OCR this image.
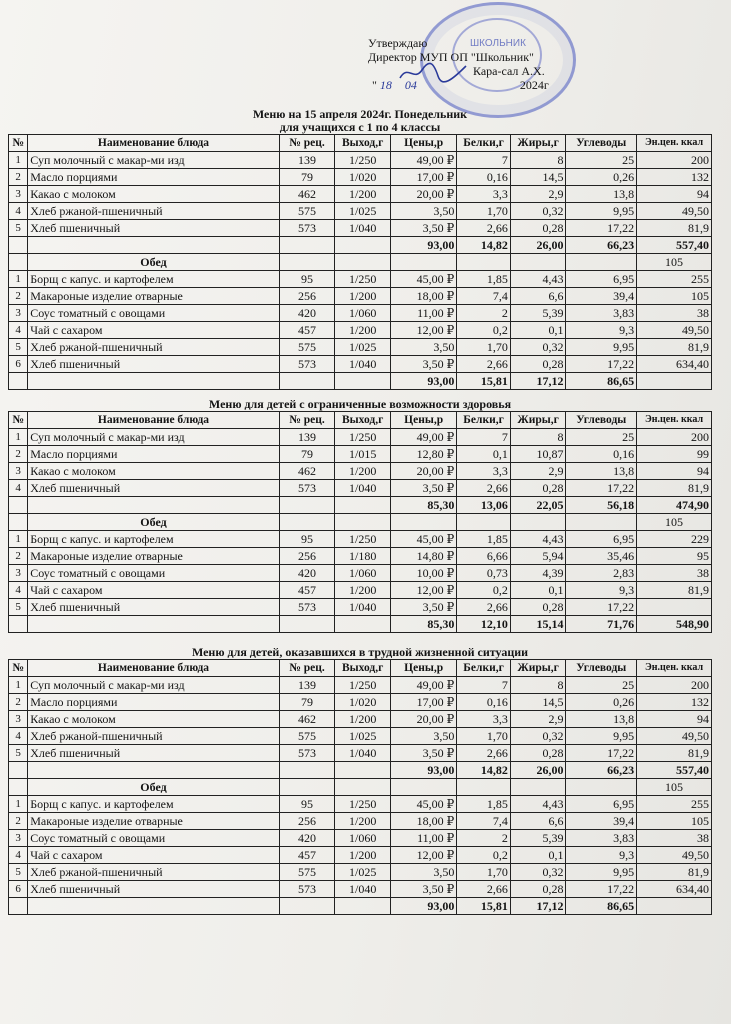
ШКОЛЬНИК
Утверждаю
Директор МУП ОП "Школьник"
Кара-сал А.Х.
" 18 04	2024г
Меню на 15 апреля 2024г. Понедельник
для учащихся с 1 по 4 классы
№	Наименование блюда	№ рец.	Выход,г	Цены,р	Белки,г	Жиры,г	Углеводы	Эн.цен. ккал
1	Суп молочный с макар-ми изд	139	1/250	49,00 ₽	7	8	25	200
2	Масло порциями	79	1/020	17,00 ₽	0,16	14,5	0,26	132
3	Какао с молоком	462	1/200	20,00 ₽	3,3	2,9	13,8	94
4	Хлеб ржаной-пшеничный	575	1/025	3,50	1,70	0,32	9,95	49,50
5	Хлеб пшеничный	573	1/040	3,50 ₽	2,66	0,28	17,22	81,9
				93,00	14,82	26,00	66,23	557,40
	Обед							105
1	Борщ с капус. и картофелем	95	1/250	45,00 ₽	1,85	4,43	6,95	255
2	Макароные изделие отварные	256	1/200	18,00 ₽	7,4	6,6	39,4	105
3	Соус томатный с овощами	420	1/060	11,00 ₽	2	5,39	3,83	38
4	Чай с сахаром	457	1/200	12,00 ₽	0,2	0,1	9,3	49,50
5	Хлеб ржаной-пшеничный	575	1/025	3,50	1,70	0,32	9,95	81,9
6	Хлеб пшеничный	573	1/040	3,50 ₽	2,66	0,28	17,22	634,40
				93,00	15,81	17,12	86,65	
Меню для детей с ограниченные возможности здоровья
№	Наименование блюда	№ рец.	Выход,г	Цены,р	Белки,г	Жиры,г	Углеводы	Эн.цен. ккал
1	Суп молочный с макар-ми изд	139	1/250	49,00 ₽	7	8	25	200
2	Масло порциями	79	1/015	12,80 ₽	0,1	10,87	0,16	99
3	Какао с молоком	462	1/200	20,00 ₽	3,3	2,9	13,8	94
4	Хлеб пшеничный	573	1/040	3,50 ₽	2,66	0,28	17,22	81,9
				85,30	13,06	22,05	56,18	474,90
	Обед							105
1	Борщ с капус. и картофелем	95	1/250	45,00 ₽	1,85	4,43	6,95	229
2	Макароные изделие отварные	256	1/180	14,80 ₽	6,66	5,94	35,46	95
3	Соус томатный с овощами	420	1/060	10,00 ₽	0,73	4,39	2,83	38
4	Чай с сахаром	457	1/200	12,00 ₽	0,2	0,1	9,3	81,9
5	Хлеб пшеничный	573	1/040	3,50 ₽	2,66	0,28	17,22	
				85,30	12,10	15,14	71,76	548,90
Меню для детей, оказавшихся в трудной жизненной ситуации
№	Наименование блюда	№ рец.	Выход,г	Цены,р	Белки,г	Жиры,г	Углеводы	Эн.цен. ккал
1	Суп молочный с макар-ми изд	139	1/250	49,00 ₽	7	8	25	200
2	Масло порциями	79	1/020	17,00 ₽	0,16	14,5	0,26	132
3	Какао с молоком	462	1/200	20,00 ₽	3,3	2,9	13,8	94
4	Хлеб ржаной-пшеничный	575	1/025	3,50	1,70	0,32	9,95	49,50
5	Хлеб пшеничный	573	1/040	3,50 ₽	2,66	0,28	17,22	81,9
				93,00	14,82	26,00	66,23	557,40
	Обед							105
1	Борщ с капус. и картофелем	95	1/250	45,00 ₽	1,85	4,43	6,95	255
2	Макароные изделие отварные	256	1/200	18,00 ₽	7,4	6,6	39,4	105
3	Соус томатный с овощами	420	1/060	11,00 ₽	2	5,39	3,83	38
4	Чай с сахаром	457	1/200	12,00 ₽	0,2	0,1	9,3	49,50
5	Хлеб ржаной-пшеничный	575	1/025	3,50	1,70	0,32	9,95	81,9
6	Хлеб пшеничный	573	1/040	3,50 ₽	2,66	0,28	17,22	634,40
				93,00	15,81	17,12	86,65	
